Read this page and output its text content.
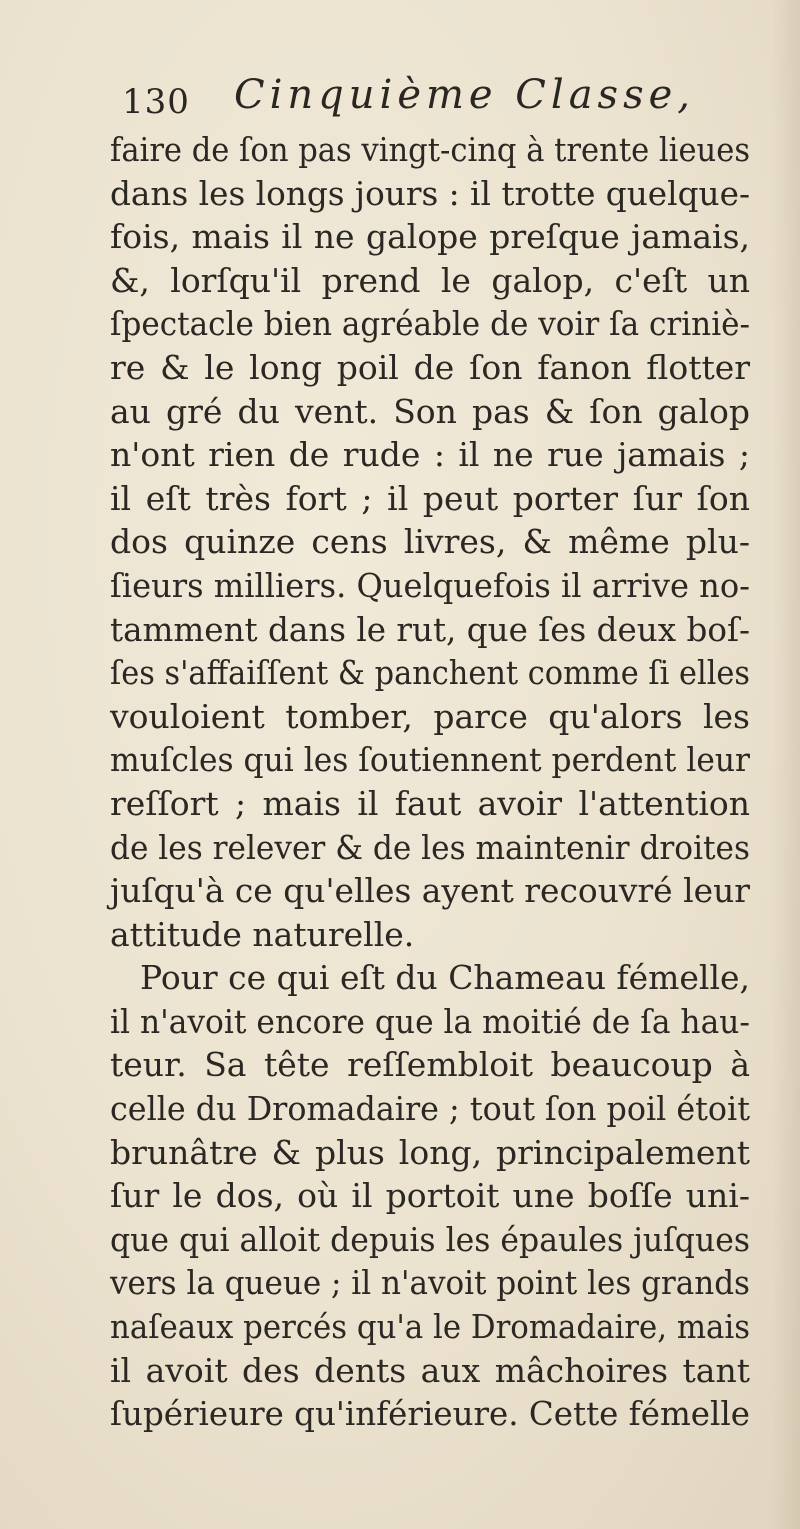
130 Cinquième Classe,
faire de ſon pas vingt-cinq à trente lieues
dans les longs jours : il trotte quelque-
fois, mais il ne galope preſque jamais,
&, lorſqu'il prend le galop, c'eſt un
ſpectacle bien agréable de voir ſa criniè-
re & le long poil de ſon fanon flotter
au gré du vent. Son pas & ſon galop
n'ont rien de rude : il ne rue jamais ;
il eſt très fort ; il peut porter ſur ſon
dos quinze cens livres, & même plu-
ſieurs milliers. Quelquefois il arrive no-
tamment dans le rut, que ſes deux boſ-
ſes s'affaiſſent & panchent comme ſi elles
vouloient tomber, parce qu'alors les
muſcles qui les ſoutiennent perdent leur
reſſort ; mais il faut avoir l'attention
de les relever & de les maintenir droites
juſqu'à ce qu'elles ayent recouvré leur
attitude naturelle.
Pour ce qui eſt du Chameau fémelle,
il n'avoit encore que la moitié de ſa hau-
teur. Sa tête reſſembloit beaucoup à
celle du Dromadaire ; tout ſon poil étoit
brunâtre & plus long, principalement
ſur le dos, où il portoit une boſſe uni-
que qui alloit depuis les épaules juſques
vers la queue ; il n'avoit point les grands
naſeaux percés qu'a le Dromadaire, mais
il avoit des dents aux mâchoires tant
ſupérieure qu'inférieure. Cette fémelle
